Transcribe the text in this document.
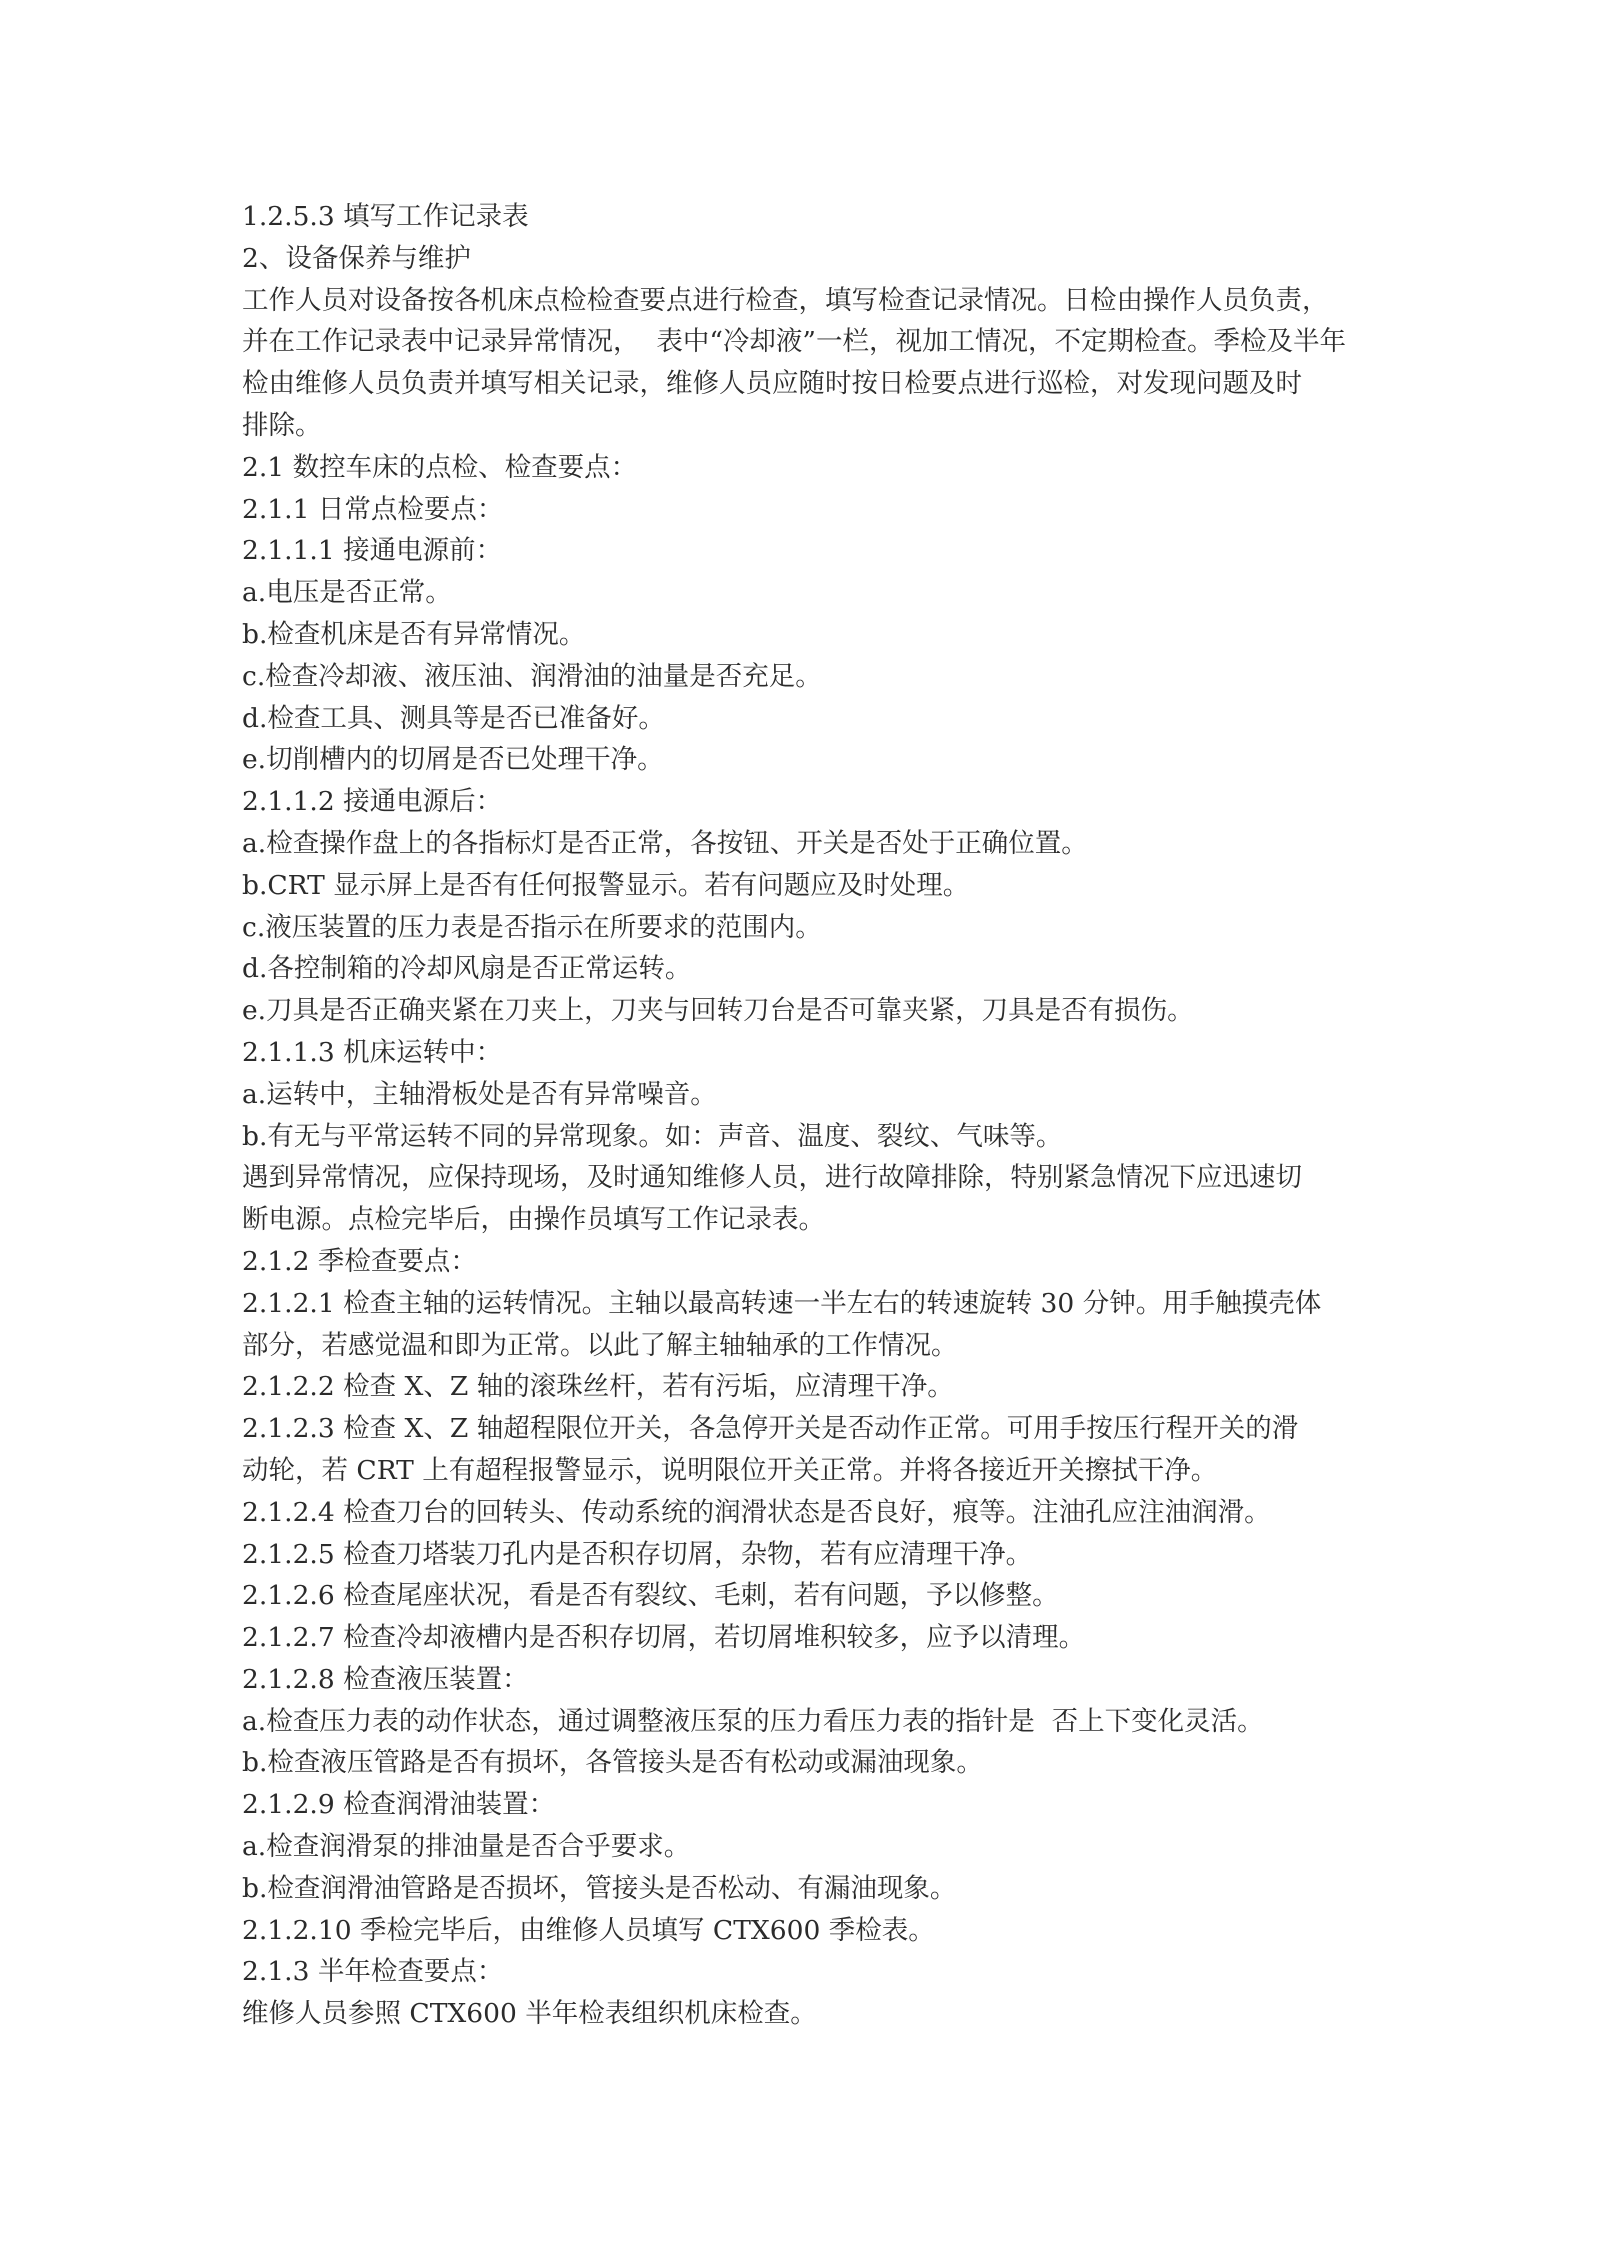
1.2.5.3 填写工作记录表
2、设备保养与维护
工作人员对设备按各机床点检检查要点进行检查，填写检查记录情况。日检由操作人员负责，
并在工作记录表中记录异常情况，  表中“冷却液”一栏，视加工情况，不定期检查。季检及半年
检由维修人员负责并填写相关记录，维修人员应随时按日检要点进行巡检，对发现问题及时
排除。
2.1 数控车床的点检、检查要点：
2.1.1 日常点检要点：
2.1.1.1 接通电源前：
a.电压是否正常。
b.检查机床是否有异常情况。
c.检查冷却液、液压油、润滑油的油量是否充足。
d.检查工具、测具等是否已准备好。
e.切削槽内的切屑是否已处理干净。
2.1.1.2 接通电源后：
a.检查操作盘上的各指标灯是否正常，各按钮、开关是否处于正确位置。
b.CRT 显示屏上是否有任何报警显示。若有问题应及时处理。
c.液压装置的压力表是否指示在所要求的范围内。
d.各控制箱的冷却风扇是否正常运转。
e.刀具是否正确夹紧在刀夹上，刀夹与回转刀台是否可靠夹紧，刀具是否有损伤。
2.1.1.3 机床运转中：
a.运转中，主轴滑板处是否有异常噪音。
b.有无与平常运转不同的异常现象。如：声音、温度、裂纹、气味等。
遇到异常情况，应保持现场，及时通知维修人员，进行故障排除，特别紧急情况下应迅速切
断电源。点检完毕后，由操作员填写工作记录表。
2.1.2 季检查要点：
2.1.2.1 检查主轴的运转情况。主轴以最高转速一半左右的转速旋转 30 分钟。用手触摸壳体
部分，若感觉温和即为正常。以此了解主轴轴承的工作情况。
2.1.2.2 检查 X、Z 轴的滚珠丝杆，若有污垢，应清理干净。
2.1.2.3 检查 X、Z 轴超程限位开关，各急停开关是否动作正常。可用手按压行程开关的滑
动轮，若 CRT 上有超程报警显示，说明限位开关正常。并将各接近开关擦拭干净。
2.1.2.4 检查刀台的回转头、传动系统的润滑状态是否良好，痕等。注油孔应注油润滑。
2.1.2.5 检查刀塔装刀孔内是否积存切屑，杂物，若有应清理干净。
2.1.2.6 检查尾座状况，看是否有裂纹、毛刺，若有问题，予以修整。
2.1.2.7 检查冷却液槽内是否积存切屑，若切屑堆积较多，应予以清理。
2.1.2.8 检查液压装置：
a.检查压力表的动作状态，通过调整液压泵的压力看压力表的指针是  否上下变化灵活。
b.检查液压管路是否有损坏，各管接头是否有松动或漏油现象。
2.1.2.9 检查润滑油装置：
a.检查润滑泵的排油量是否合乎要求。
b.检查润滑油管路是否损坏，管接头是否松动、有漏油现象。
2.1.2.10 季检完毕后，由维修人员填写 CTX600 季检表。
2.1.3 半年检查要点：
维修人员参照 CTX600 半年检表组织机床检查。
